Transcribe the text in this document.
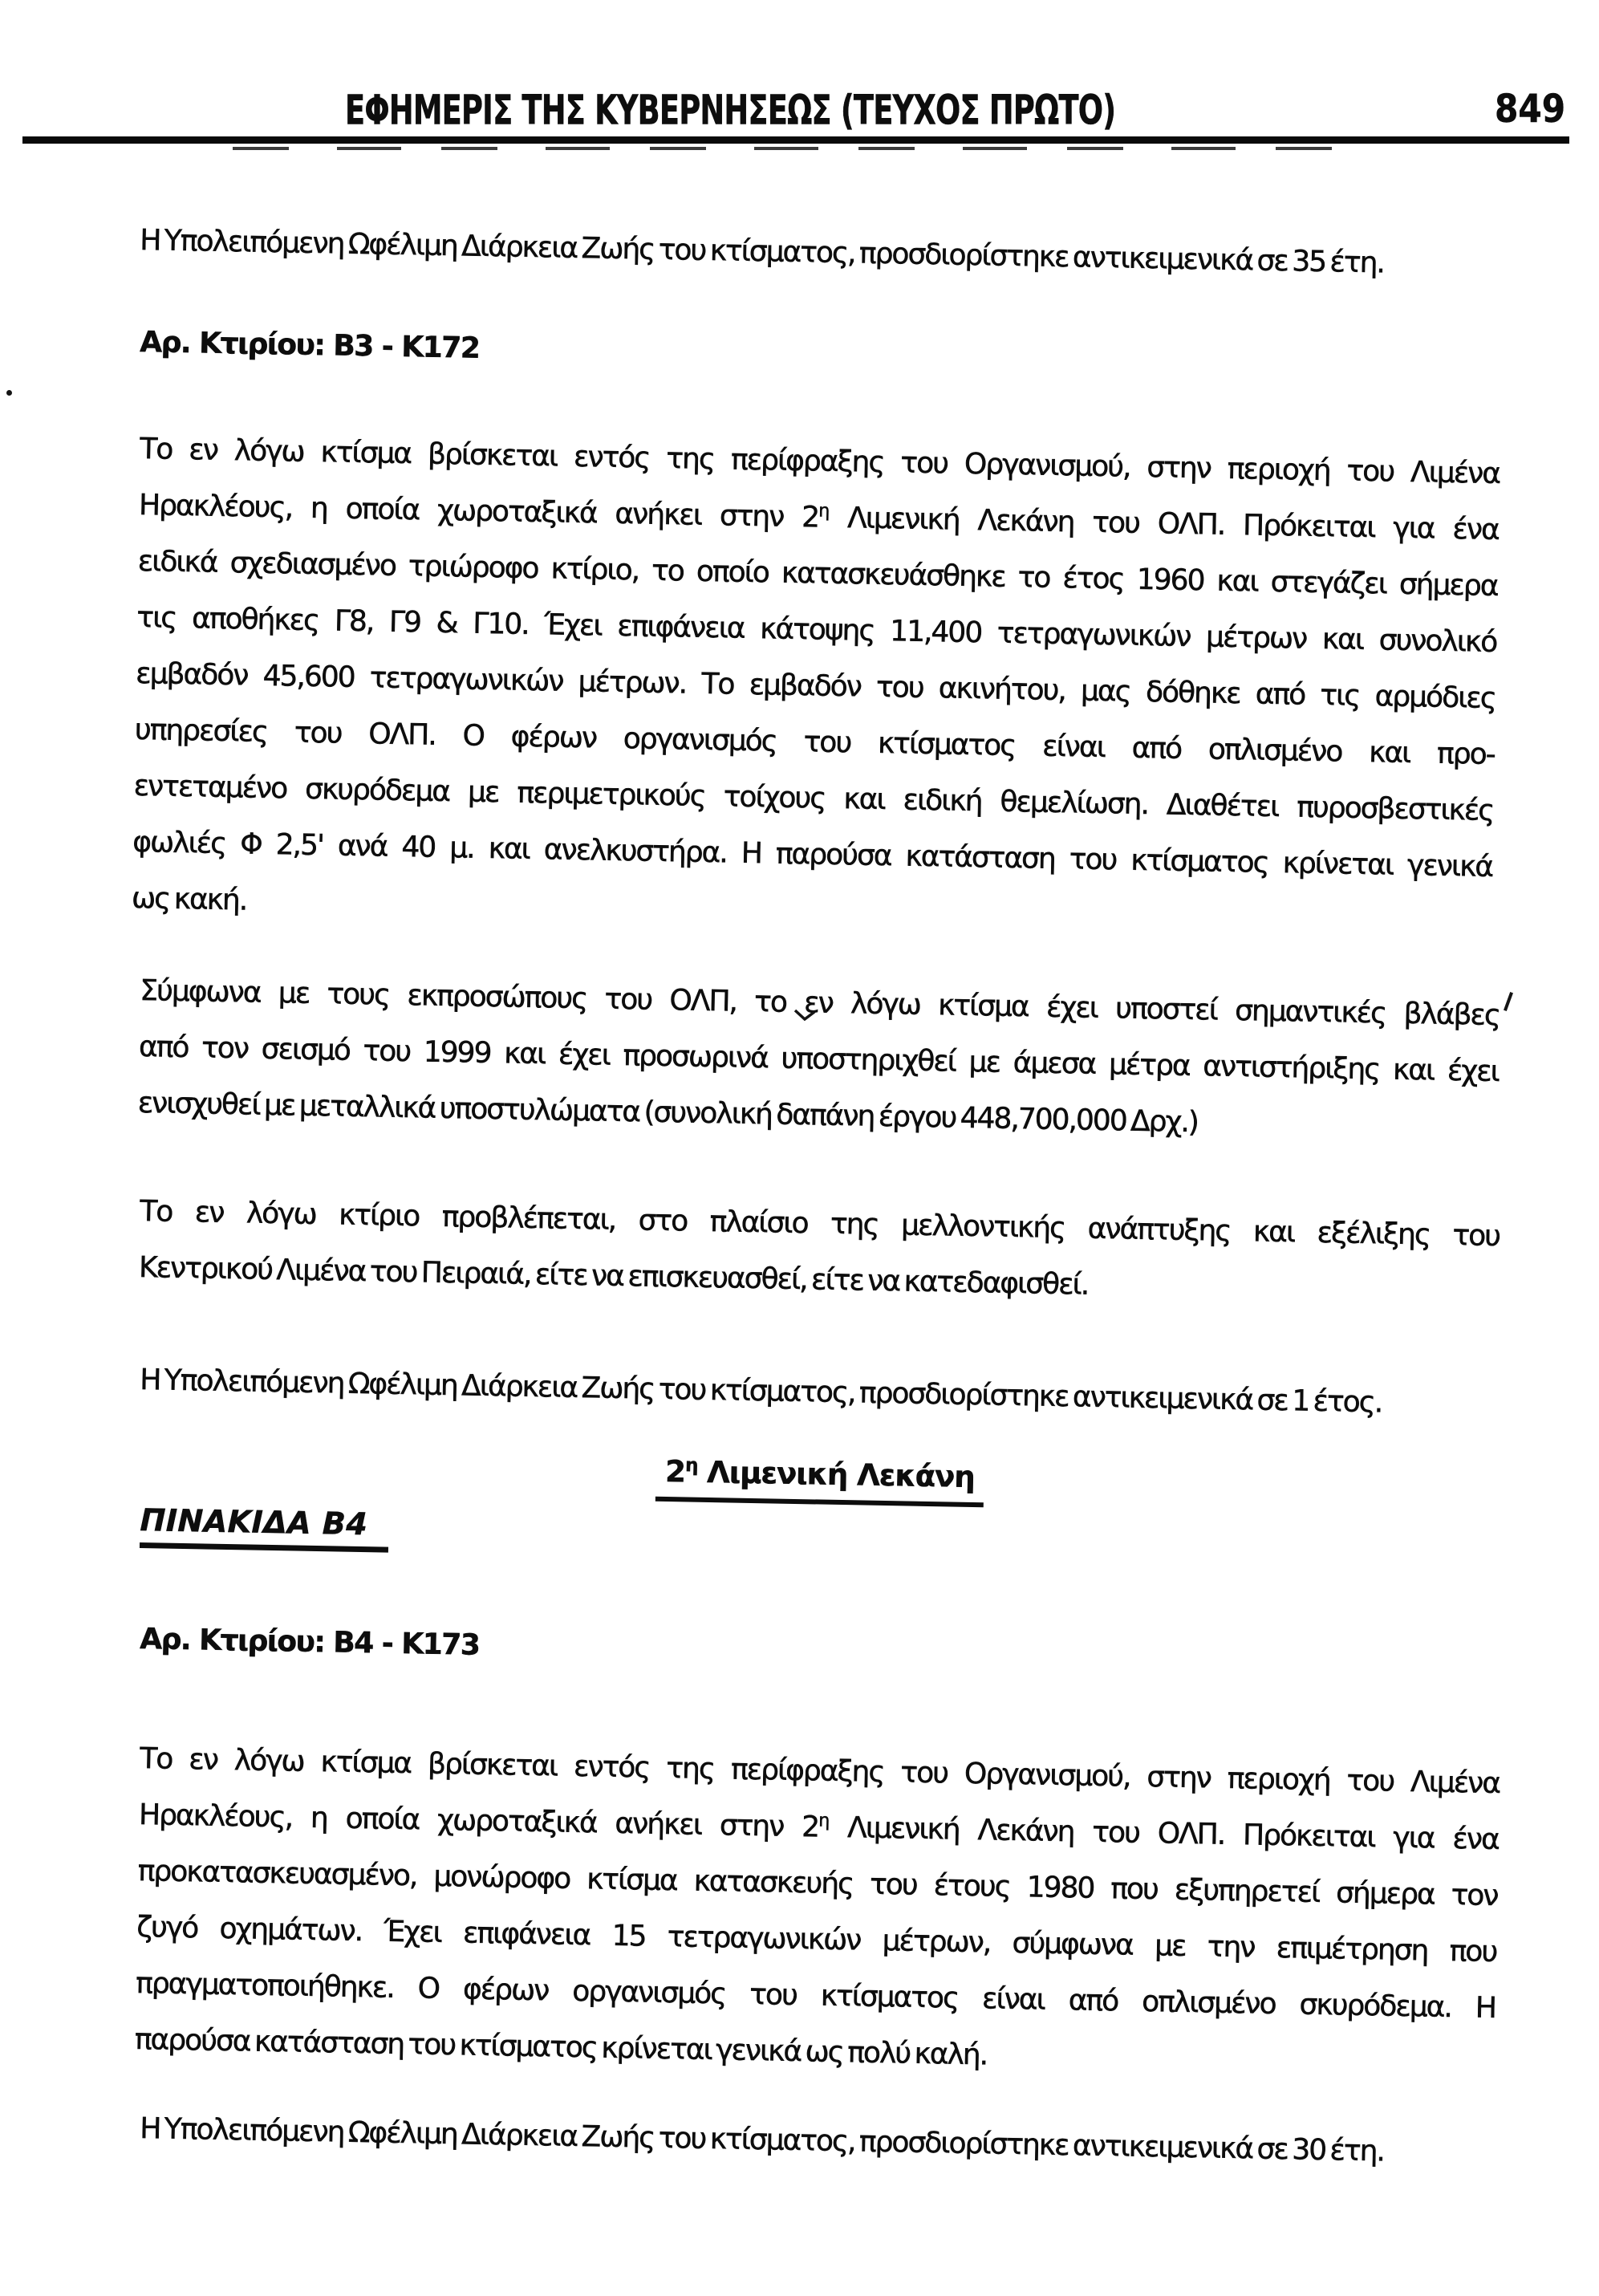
ΕΦΗΜΕΡΙΣ ΤΗΣ ΚΥΒΕΡΝΗΣΕΩΣ (ΤΕΥΧΟΣ ΠΡΩΤΟ)	849
Η Υπολειπόμενη Ωφέλιμη Διάρκεια Ζωής του κτίσματος, προσδιορίστηκε αντικειμενικά σε 35 έτη.
Αρ. Κτιρίου: Β3 - Κ172
Το εν λόγω κτίσμα βρίσκεται εντός της περίφραξης του Οργανισμού, στην περιοχή του Λιμένα
Ηρακλέους, η οποία χωροταξικά ανήκει στην $2^\eta$ Λιμενική Λεκάνη του ΟΛΠ. Πρόκειται για ένα
ειδικά σχεδιασμένο τριώροφο κτίριο, το οποίο κατασκευάσθηκε το έτος 1960 και στεγάζει σήμερα
τις αποθήκες Γ8, Γ9 & Γ10. Έχει επιφάνεια κάτοψης 11,400 τετραγωνικών μέτρων και συνολικό
εμβαδόν 45,600 τετραγωνικών μέτρων. Το εμβαδόν του ακινήτου, μας δόθηκε από τις αρμόδιες
υπηρεσίες του ΟΛΠ. Ο φέρων οργανισμός του κτίσματος είναι από οπλισμένο και προ-
εντεταμένο σκυρόδεμα με περιμετρικούς τοίχους και ειδική θεμελίωση. Διαθέτει πυροσβεστικές
φωλιές Φ 2,5' ανά 40 μ. και ανελκυστήρα. Η παρούσα κατάσταση του κτίσματος κρίνεται γενικά
ως κακή.
Σύμφωνα με τους εκπροσώπους του ΟΛΠ, το εν λόγω κτίσμα έχει υποστεί σημαντικές βλάβες
από τον σεισμό του 1999 και έχει προσωρινά υποστηριχθεί με άμεσα μέτρα αντιστήριξης και έχει
ενισχυθεί με μεταλλικά υποστυλώματα (συνολική δαπάνη έργου 448,700,000 Δρχ.)
Το εν λόγω κτίριο προβλέπεται, στο πλαίσιο της μελλοντικής ανάπτυξης και εξέλιξης του
Κεντρικού Λιμένα του Πειραιά, είτε να επισκευασθεί, είτε να κατεδαφισθεί.
Η Υπολειπόμενη Ωφέλιμη Διάρκεια Ζωής του κτίσματος, προσδιορίστηκε αντικειμενικά σε 1 έτος.
$2^\eta$ Λιμενική Λεκάνη
ΠΙΝΑΚΙΔΑ Β4
Αρ. Κτιρίου: Β4 - Κ173
Το εν λόγω κτίσμα βρίσκεται εντός της περίφραξης του Οργανισμού, στην περιοχή του Λιμένα
Ηρακλέους, η οποία χωροταξικά ανήκει στην $2^\eta$ Λιμενική Λεκάνη του ΟΛΠ. Πρόκειται για ένα
προκατασκευασμένο, μονώροφο κτίσμα κατασκευής του έτους 1980 που εξυπηρετεί σήμερα τον
ζυγό οχημάτων. Έχει επιφάνεια 15 τετραγωνικών μέτρων, σύμφωνα με την επιμέτρηση που
πραγματοποιήθηκε. Ο φέρων οργανισμός του κτίσματος είναι από οπλισμένο σκυρόδεμα. Η
παρούσα κατάσταση του κτίσματος κρίνεται γενικά ως πολύ καλή.
Η Υπολειπόμενη Ωφέλιμη Διάρκεια Ζωής του κτίσματος, προσδιορίστηκε αντικειμενικά σε 30 έτη.
